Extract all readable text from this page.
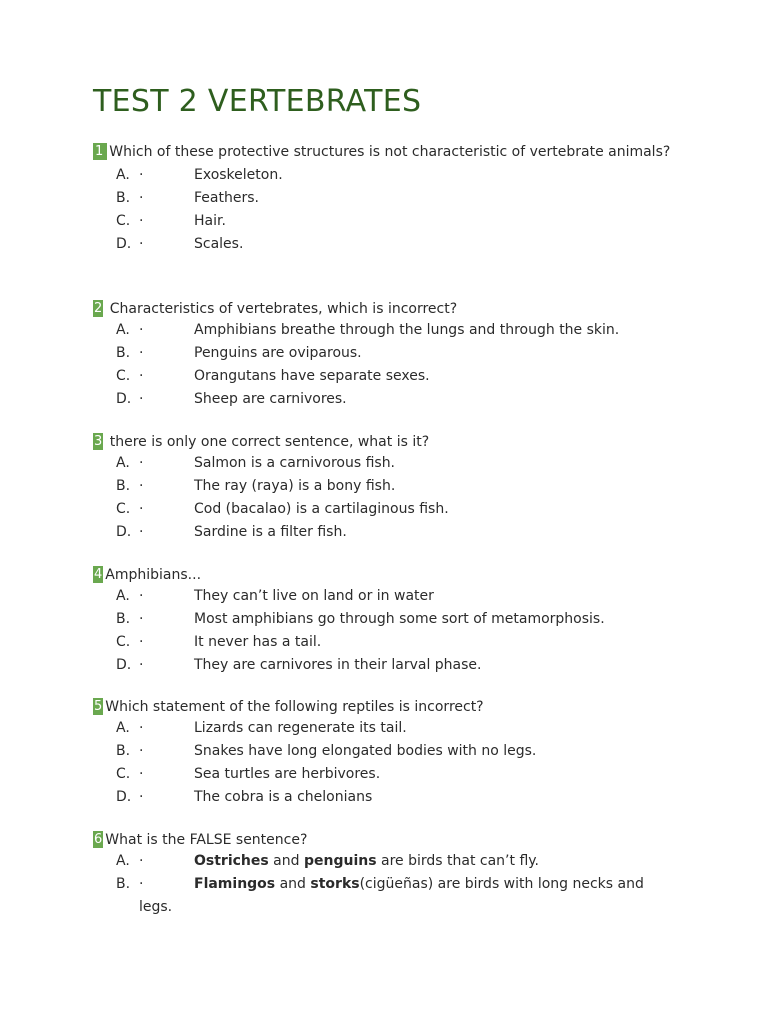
TEST 2 VERTEBRATES

1 Which of these protective structures is not characteristic of vertebrate animals?

A. ·	Exoskeleton.
B. ·	Feathers.
C. ·	Hair.
D. ·	Scales.

2 Characteristics of vertebrates, which is incorrect?

A. ·	Amphibians breathe through the lungs and through the skin.
B. ·	Penguins are oviparous.
C. ·	Orangutans have separate sexes.
D. ·	Sheep are carnivores.

3 there is only one correct sentence, what is it?

A. ·	Salmon is a carnivorous fish.
B. ·	The ray (raya) is a bony fish.
C. ·	Cod (bacalao) is a cartilaginous fish.
D. ·	Sardine is a filter fish.

4 Amphibians...

A. ·	They can’t live on land or in water
B. ·	Most amphibians go through some sort of metamorphosis.
C. ·	It never has a tail.
D. ·	They are carnivores in their larval phase.

5 Which statement of the following reptiles is incorrect?

A. ·	Lizards can regenerate its tail.
B. ·	Snakes have long elongated bodies with no legs.
C. ·	Sea turtles are herbivores.
D. ·	The cobra is a chelonians

6 What is the FALSE sentence?

A. ·	Ostriches and penguins are birds that can’t fly.
B. ·	Flamingos and storks(cigüeñas) are birds with long necks and
legs.
